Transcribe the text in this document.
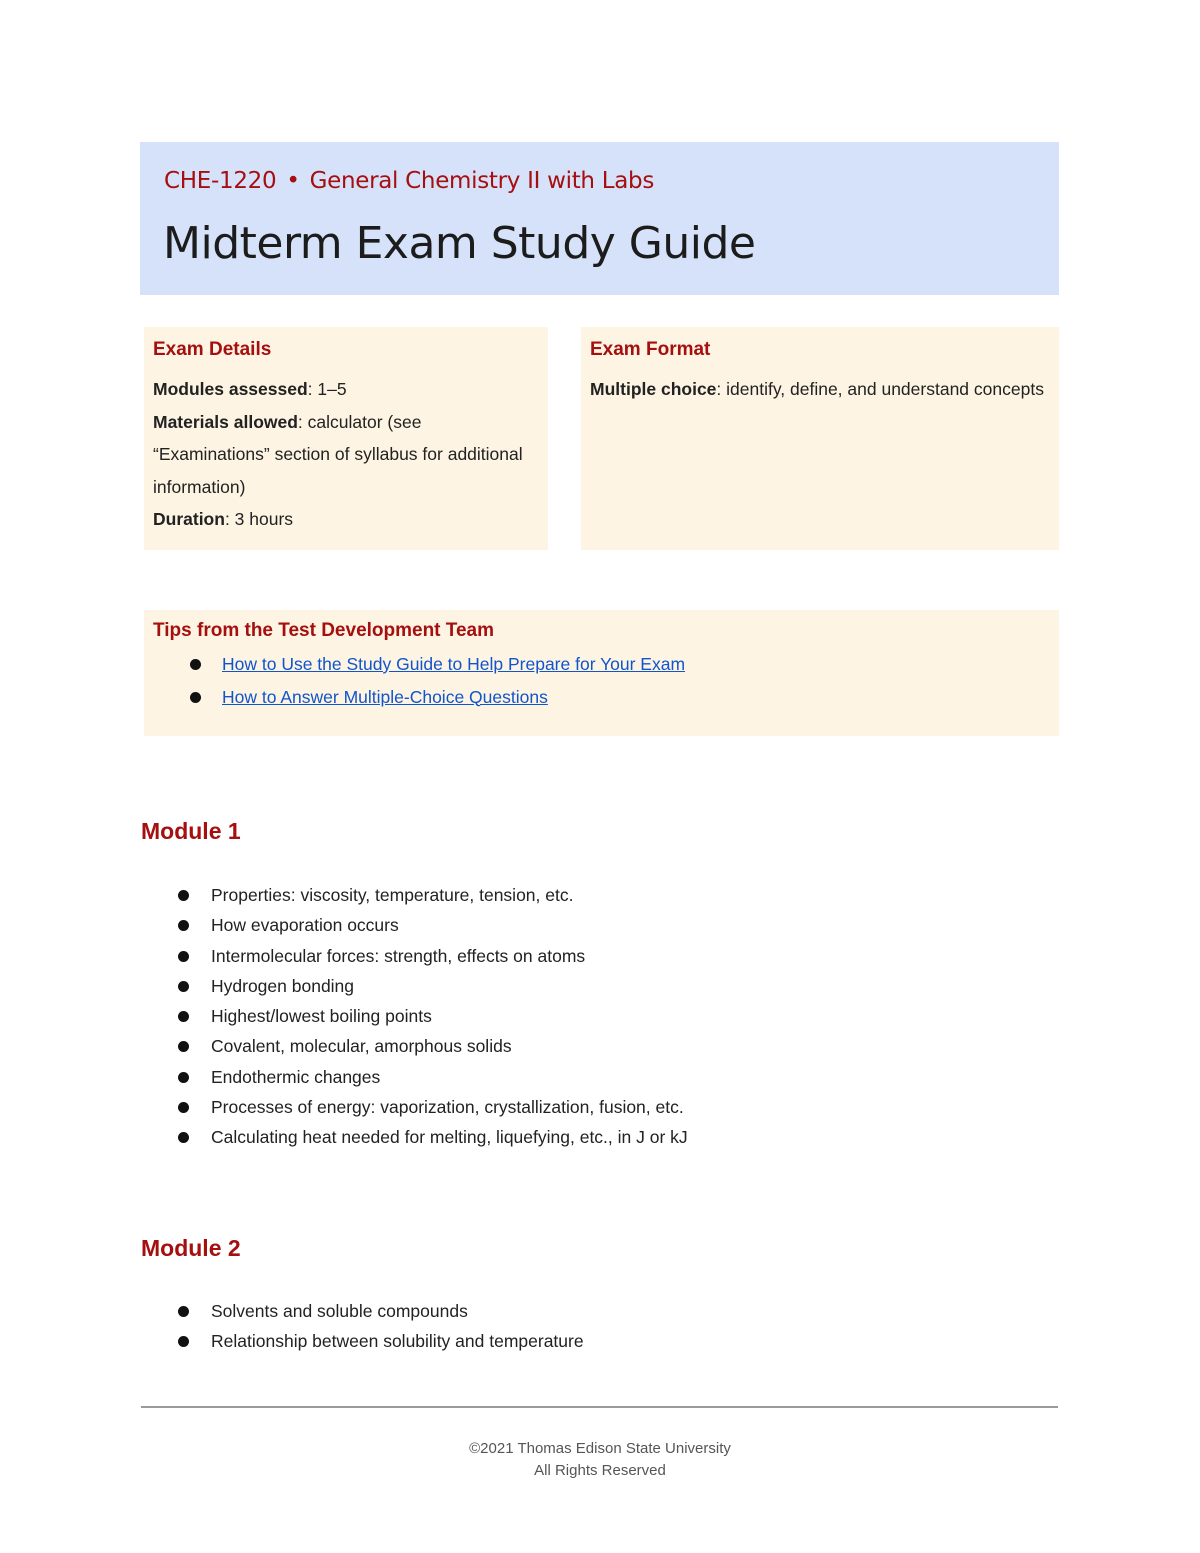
CHE-1220 • General Chemistry II with Labs
Midterm Exam Study Guide
Exam Details
Modules assessed: 1–5
Materials allowed: calculator (see “Examinations” section of syllabus for additional information)
Duration: 3 hours
Exam Format
Multiple choice: identify, define, and understand concepts
Tips from the Test Development Team
How to Use the Study Guide to Help Prepare for Your Exam
How to Answer Multiple-Choice Questions
Module 1
Properties: viscosity, temperature, tension, etc.
How evaporation occurs
Intermolecular forces: strength, effects on atoms
Hydrogen bonding
Highest/lowest boiling points
Covalent, molecular, amorphous solids
Endothermic changes
Processes of energy: vaporization, crystallization, fusion, etc.
Calculating heat needed for melting, liquefying, etc., in J or kJ
Module 2
Solvents and soluble compounds
Relationship between solubility and temperature
©2021 Thomas Edison State University
All Rights Reserved
